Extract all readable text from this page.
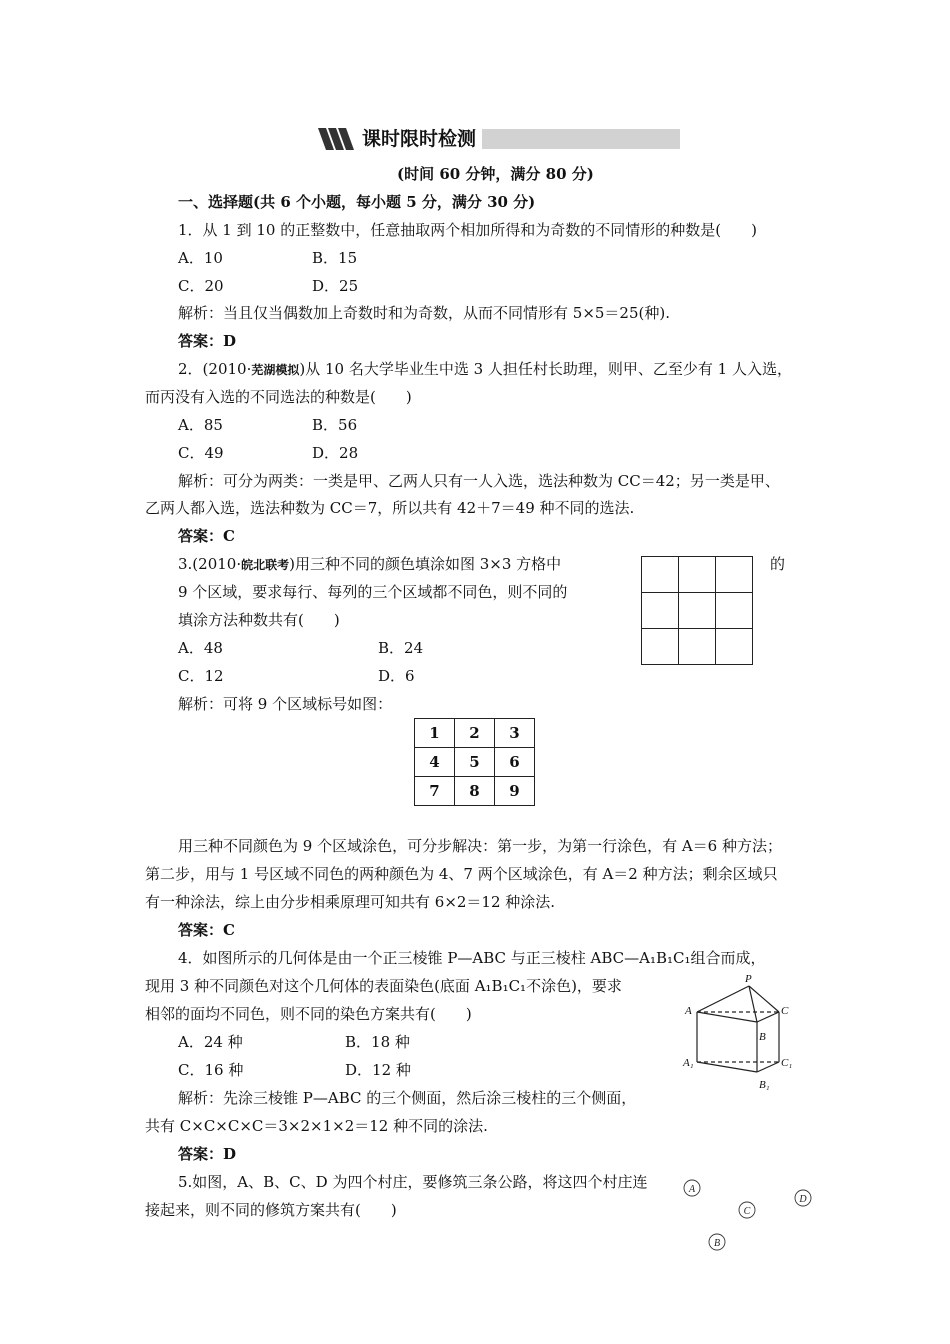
课时限时检测
(时间 60 分钟，满分 80 分)
一、选择题(共 6 个小题，每小题 5 分，满分 30 分)
1．从 1 到 10 的正整数中，任意抽取两个相加所得和为奇数的不同情形的种数是(　　)
A．10	B．15
C．20	D．25
解析：当且仅当偶数加上奇数时和为奇数，从而不同情形有 5×5＝25(种).
答案：D
2．(2010·芜湖模拟)从 10 名大学毕业生中选 3 人担任村长助理，则甲、乙至少有 1 人入选，
而丙没有入选的不同选法的种数是(　　)
A．85	B．56
C．49	D．28
解析：可分为两类：一类是甲、乙两人只有一人入选，选法种数为 CC＝42；另一类是甲、
乙两人都入选，选法种数为 CC＝7，所以共有 42＋7＝49 种不同的选法.
答案：C
3.(2010·皖北联考)用三种不同的颜色填涂如图 3×3 方格中	的
9 个区域，要求每行、每列的三个区域都不同色，则不同的
填涂方法种数共有(　　)
A．48	B．24
C．12	D．6

解析：可将 9 个区域标号如图：
1	2	3
4	5	6
7	8	9
用三种不同颜色为 9 个区域涂色，可分步解决：第一步，为第一行涂色，有 A＝6 种方法；
第二步，用与 1 号区域不同色的两种颜色为 4、7 两个区域涂色，有 A＝2 种方法；剩余区域只
有一种涂法，综上由分步相乘原理可知共有 6×2＝12 种涂法.
答案：C
4．如图所示的几何体是由一个正三棱锥 P—ABC 与正三棱柱 ABC—A₁B₁C₁组合而成，
现用 3 种不同颜色对这个几何体的表面染色(底面 A₁B₁C₁不涂色)，要求
相邻的面均不同色，则不同的染色方案共有(　　)
A．24 种	B．18 种
C．16 种	D．12 种
解析：先涂三棱锥 P—ABC 的三个侧面，然后涂三棱柱的三个侧面，
共有 C×C×C×C＝3×2×1×2＝12 种不同的涂法.
答案：D
P
A	C
B
A₁	C₁
B₁
5.如图，A、B、C、D 为四个村庄，要修筑三条公路，将这四个村庄连
接起来，则不同的修筑方案共有(　　)
A
B
C
D
